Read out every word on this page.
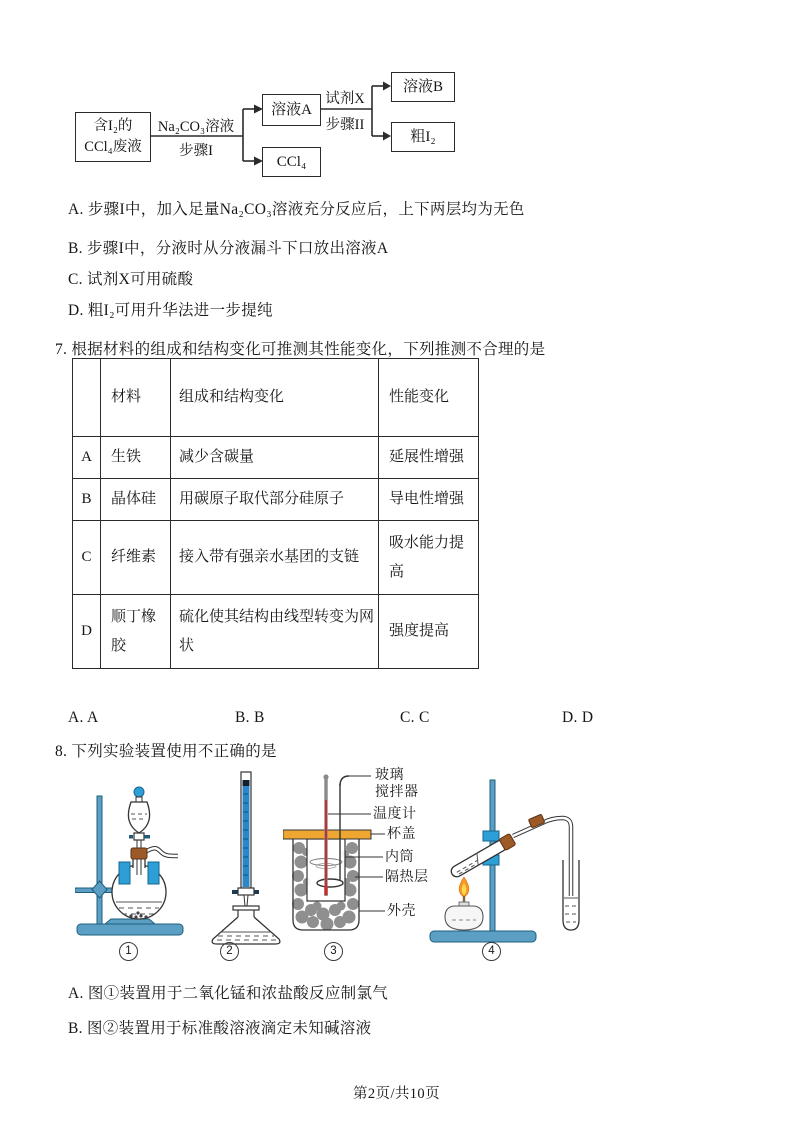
含I₂的
CCl₄废液
Na₂CO₃溶液
步骤I
溶液A
CCl₄
试剂X
步骤II
溶液B
粗I₂
A. 步骤I中，加入足量Na₂CO₃溶液充分反应后，上下两层均为无色
B. 步骤I中，分液时从分液漏斗下口放出溶液A
C. 试剂X可用硫酸
D. 粗I₂可用升华法进一步提纯
7. 根据材料的组成和结构变化可推测其性能变化，下列推测不合理的是
	材料	组成和结构变化	性能变化
A	生铁	减少含碳量	延展性增强
B	晶体硅	用碳原子取代部分硅原子	导电性增强
C	纤维素	接入带有强亲水基团的支链	吸水能力提高
D	顺丁橡胶	硫化使其结构由线型转变为网状	强度提高
A. A	B. B	C. C	D. D
8. 下列实验装置使用不正确的是
玻璃
搅拌器
温度计
杯盖
内筒
隔热层
外壳
1	2	3	4
A. 图①装置用于二氧化锰和浓盐酸反应制氯气
B. 图②装置用于标准酸溶液滴定未知碱溶液
第2页/共10页
